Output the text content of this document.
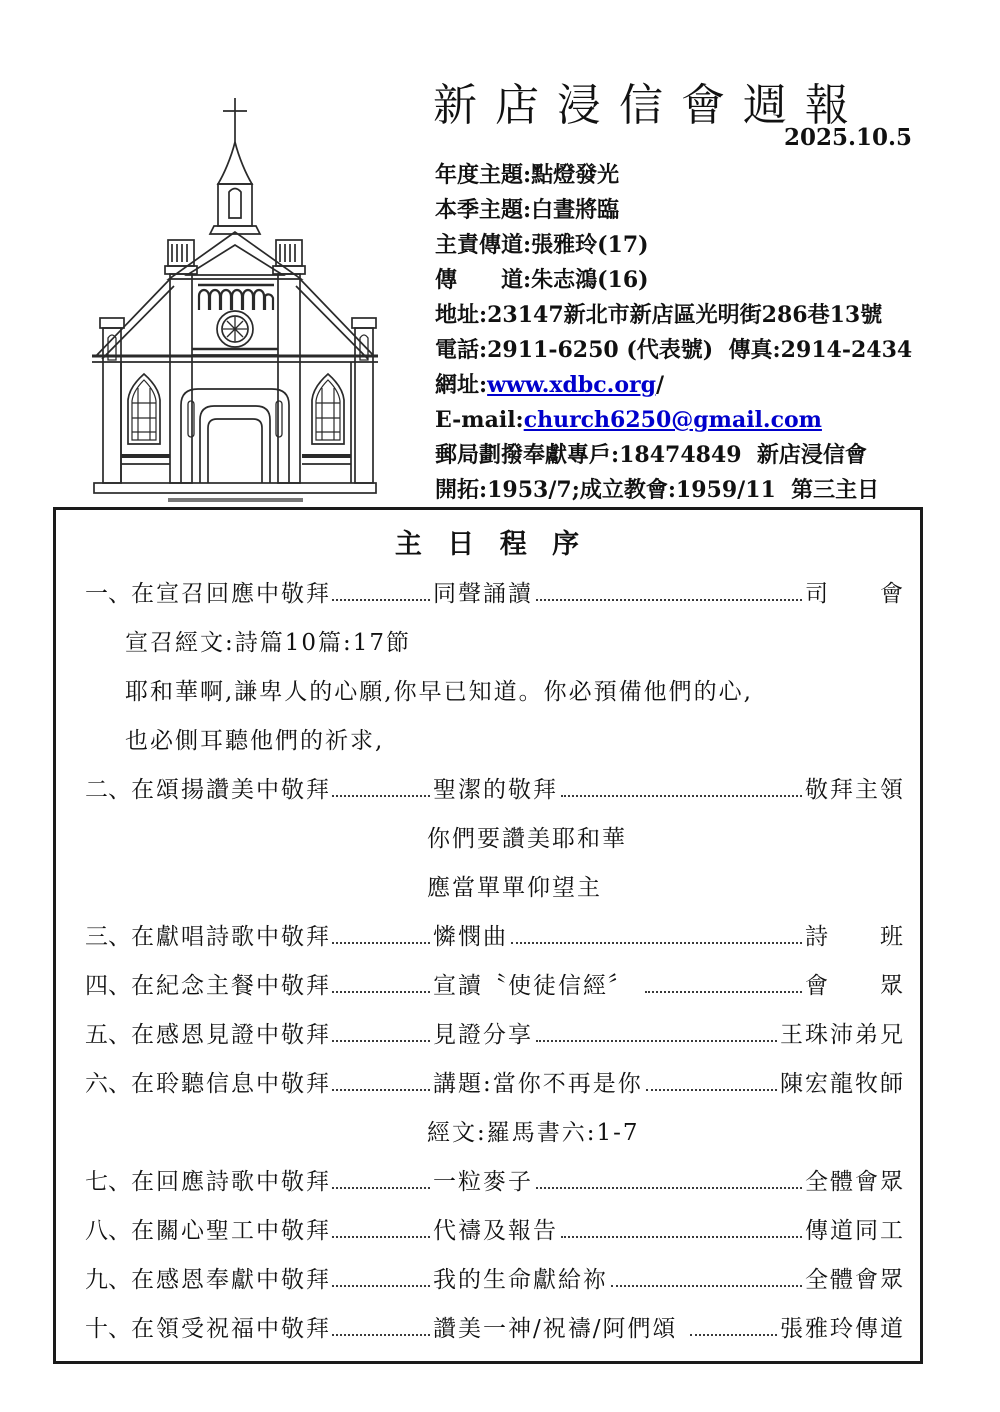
新 店 浸 信 會 週 報
2025.10.5
年度主題:點燈發光
本季主題:白晝將臨
主責傳道:張雅玲(17)
傳　　道:朱志鴻(16)
地址:23147新北市新店區光明街286巷13號
電話:2911-6250 (代表號)  傳真:2914-2434
網址:www.xdbc.org/
E-mail:church6250@gmail.com
郵局劃撥奉獻專戶:18474849  新店浸信會
開拓:1953/7;成立教會:1959/11  第三主日
主 日 程 序
一、 在宣召回應中敬拜	同聲誦讀	司　　會
宣召經文:詩篇10篇:17節
耶和華啊,謙卑人的心願,你早已知道。你必預備他們的心,
也必側耳聽他們的祈求,
二、 在頌揚讚美中敬拜	聖潔的敬拜	敬拜主領
你們要讚美耶和華
應當單單仰望主
三、 在獻唱詩歌中敬拜	憐憫曲	詩　　班
四、 在紀念主餐中敬拜	宣讀〝使徒信經〞	會　　眾
五、 在感恩見證中敬拜	見證分享	王珠沛弟兄
六、 在聆聽信息中敬拜	講題:當你不再是你	陳宏龍牧師
經文:羅馬書六:1-7
七、 在回應詩歌中敬拜	一粒麥子	全體會眾
八、 在關心聖工中敬拜	代禱及報告	傳道同工
九、 在感恩奉獻中敬拜	我的生命獻給祢	全體會眾
十、 在領受祝福中敬拜	讚美一神/祝禱/阿們頌	張雅玲傳道
